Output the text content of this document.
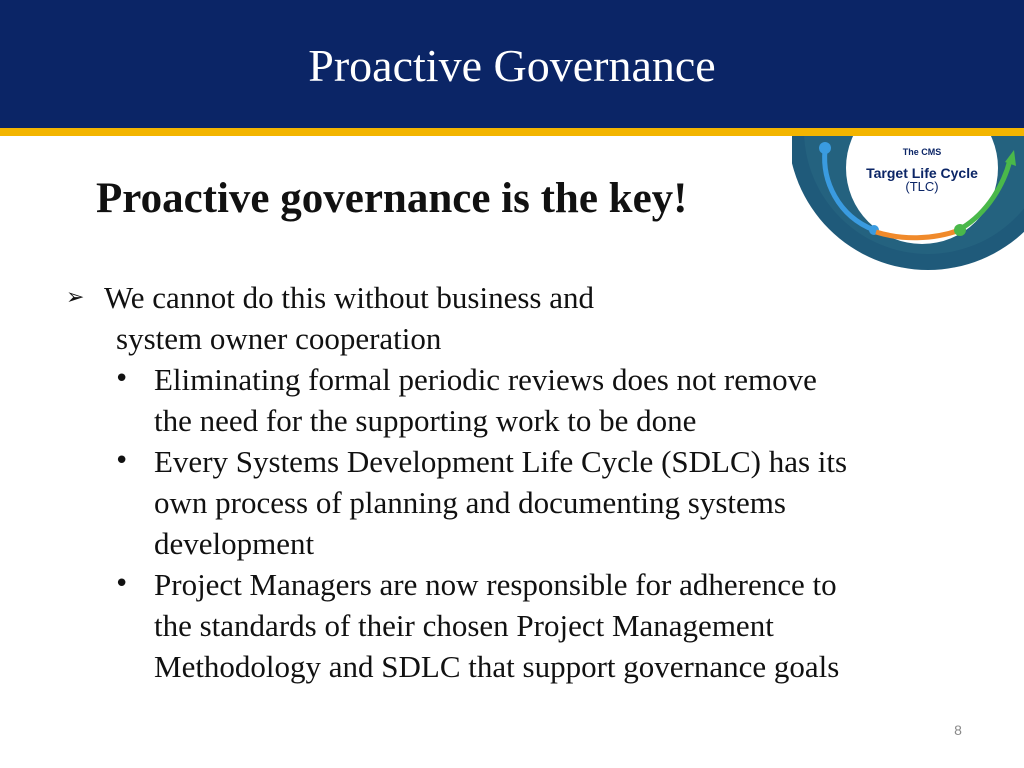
Proactive Governance
The CMS
Target Life Cycle
(TLC)
Proactive governance is the key!
➢ We cannot do this without business and
system owner cooperation
• Eliminating formal periodic reviews does not remove
the need for the supporting work to be done
• Every Systems Development Life Cycle (SDLC) has its
own process of planning and documenting systems
development
• Project Managers are now responsible for adherence to
the standards of their chosen Project Management
Methodology and SDLC that support governance goals
8
